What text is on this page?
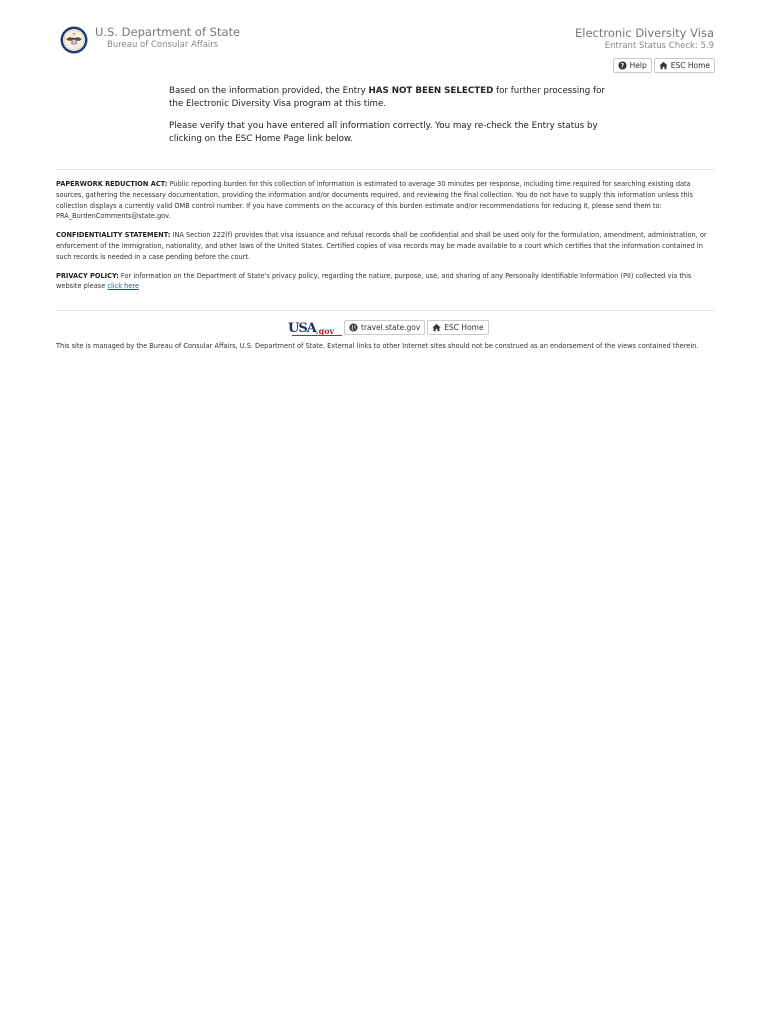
U.S. Department of State
Bureau of Consular Affairs
Electronic Diversity Visa
Entrant Status Check: 5.9
? Help	ESC Home

Based on the information provided, the Entry HAS NOT BEEN SELECTED for further processing for the Electronic Diversity Visa program at this time.

Please verify that you have entered all information correctly. You may re-check the Entry status by clicking on the ESC Home Page link below.

PAPERWORK REDUCTION ACT: Public reporting burden for this collection of information is estimated to average 30 minutes per response, including time required for searching existing data sources, gathering the necessary documentation, providing the information and/or documents required, and reviewing the final collection. You do not have to supply this information unless this collection displays a currently valid OMB control number. If you have comments on the accuracy of this burden estimate and/or recommendations for reducing it, please send them to: PRA_BurdenComments@state.gov.

CONFIDENTIALITY STATEMENT: INA Section 222(f) provides that visa issuance and refusal records shall be confidential and shall be used only for the formulation, amendment, administration, or enforcement of the immigration, nationality, and other laws of the United States. Certified copies of visa records may be made available to a court which certifies that the information contained in such records is needed in a case pending before the court.

PRIVACY POLICY: For information on the Department of State's privacy policy, regarding the nature, purpose, use, and sharing of any Personally Identifiable Information (PII) collected via this website please click here

USA .gov	travel.state.gov	ESC Home
This site is managed by the Bureau of Consular Affairs, U.S. Department of State. External links to other Internet sites should not be construed as an endorsement of the views contained therein.
